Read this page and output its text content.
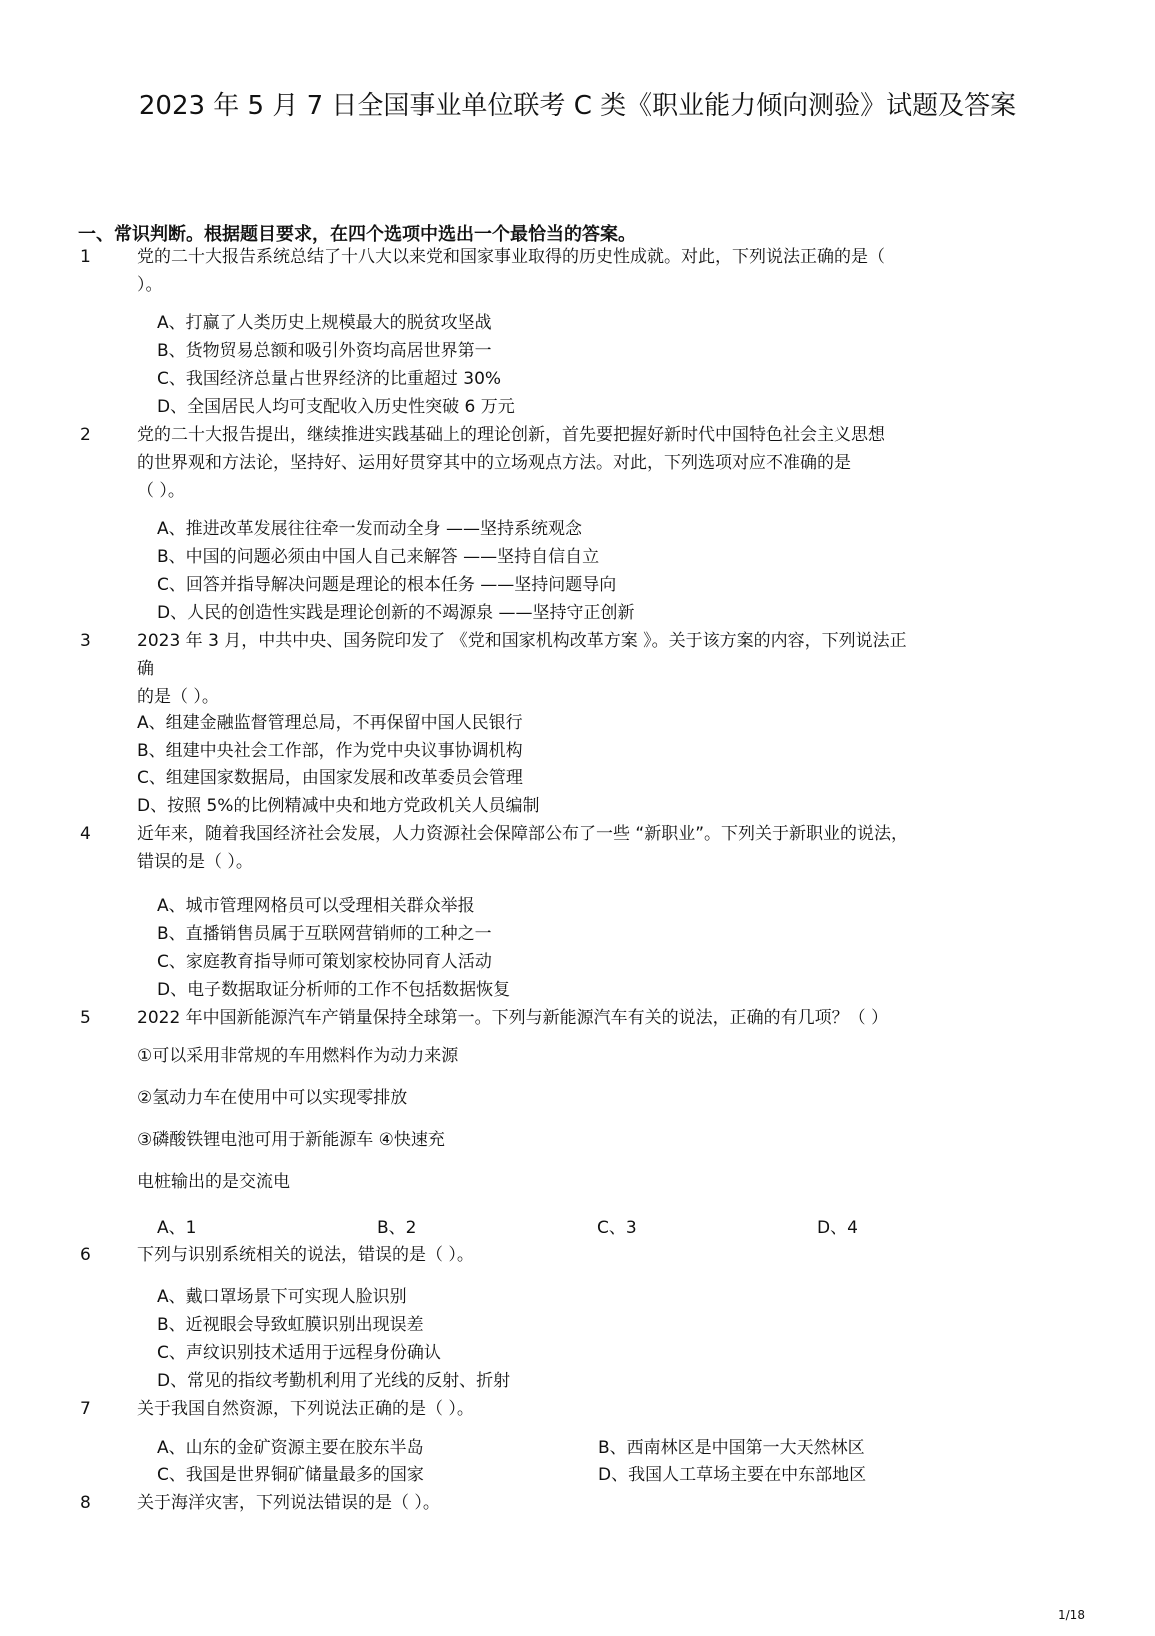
2023 年 5 月 7 日全国事业单位联考 C 类《职业能力倾向测验》试题及答案
一、常识判断。根据题目要求，在四个选项中选出一个最恰当的答案。
1	党的二十大报告系统总结了十八大以来党和国家事业取得的历史性成就。对此，下列说法正确的是（
）。
A、打赢了人类历史上规模最大的脱贫攻坚战
B、货物贸易总额和吸引外资均高居世界第一
C、我国经济总量占世界经济的比重超过 30%
D、全国居民人均可支配收入历史性突破 6 万元
2	党的二十大报告提出，继续推进实践基础上的理论创新，首先要把握好新时代中国特色社会主义思想
的世界观和方法论，坚持好、运用好贯穿其中的立场观点方法。对此，下列选项对应不准确的是
（ ）。
A、推进改革发展往往牵一发而动全身 ——坚持系统观念
B、中国的问题必须由中国人自己来解答 ——坚持自信自立
C、回答并指导解决问题是理论的根本任务 ——坚持问题导向
D、人民的创造性实践是理论创新的不竭源泉 ——坚持守正创新
3	2023 年 3 月，中共中央、国务院印发了 《党和国家机构改革方案 》。关于该方案的内容，下列说法正
确
的是（ ）。
A、组建金融监督管理总局，不再保留中国人民银行
B、组建中央社会工作部，作为党中央议事协调机构
C、组建国家数据局，由国家发展和改革委员会管理
D、按照 5%的比例精减中央和地方党政机关人员编制
4	近年来，随着我国经济社会发展，人力资源社会保障部公布了一些 “新职业”。下列关于新职业的说法，
错误的是（ ）。
A、城市管理网格员可以受理相关群众举报
B、直播销售员属于互联网营销师的工种之一
C、家庭教育指导师可策划家校协同育人活动
D、电子数据取证分析师的工作不包括数据恢复
5	2022 年中国新能源汽车产销量保持全球第一。下列与新能源汽车有关的说法，正确的有几项？（ ）
①可以采用非常规的车用燃料作为动力来源
②氢动力车在使用中可以实现零排放
③磷酸铁锂电池可用于新能源车 ④快速充
电桩输出的是交流电
A、1	B、2	C、3	D、4
6	下列与识别系统相关的说法，错误的是（ ）。
A、戴口罩场景下可实现人脸识别
B、近视眼会导致虹膜识别出现误差
C、声纹识别技术适用于远程身份确认
D、常见的指纹考勤机利用了光线的反射、折射
7	关于我国自然资源，下列说法正确的是（ ）。
A、山东的金矿资源主要在胶东半岛	B、西南林区是中国第一大天然林区
C、我国是世界铜矿储量最多的国家	D、我国人工草场主要在中东部地区
8	关于海洋灾害，下列说法错误的是（ ）。
1/18
